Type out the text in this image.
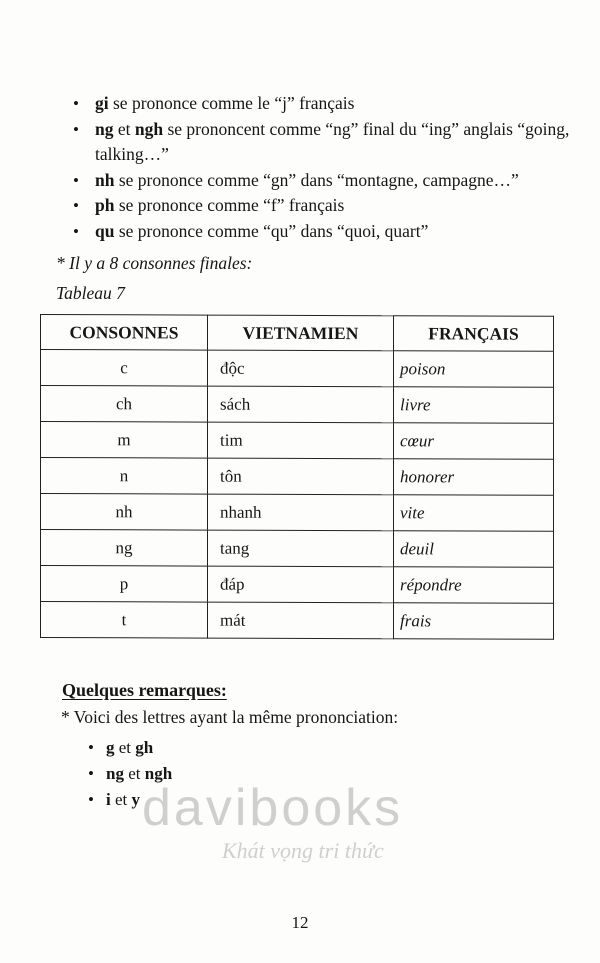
• gi se prononce comme le “j” français
• ng et ngh se prononcent comme “ng” final du “ing” anglais “going, talking…”
• nh se prononce comme “gn” dans “montagne, campagne…”
• ph se prononce comme “f” français
• qu se prononce comme “qu” dans “quoi, quart”
* Il y a 8 consonnes finales:
Tableau 7
CONSONNES	VIETNAMIEN	FRANÇAIS
c	độc	poison
ch	sách	livre
m	tim	cœur
n	tôn	honorer
nh	nhanh	vite
ng	tang	deuil
p	đáp	répondre
t	mát	frais
Quelques remarques:
* Voici des lettres ayant la même prononciation:
• g et gh
• ng et ngh
• i et y davibooks
Khát vọng tri thức
12
